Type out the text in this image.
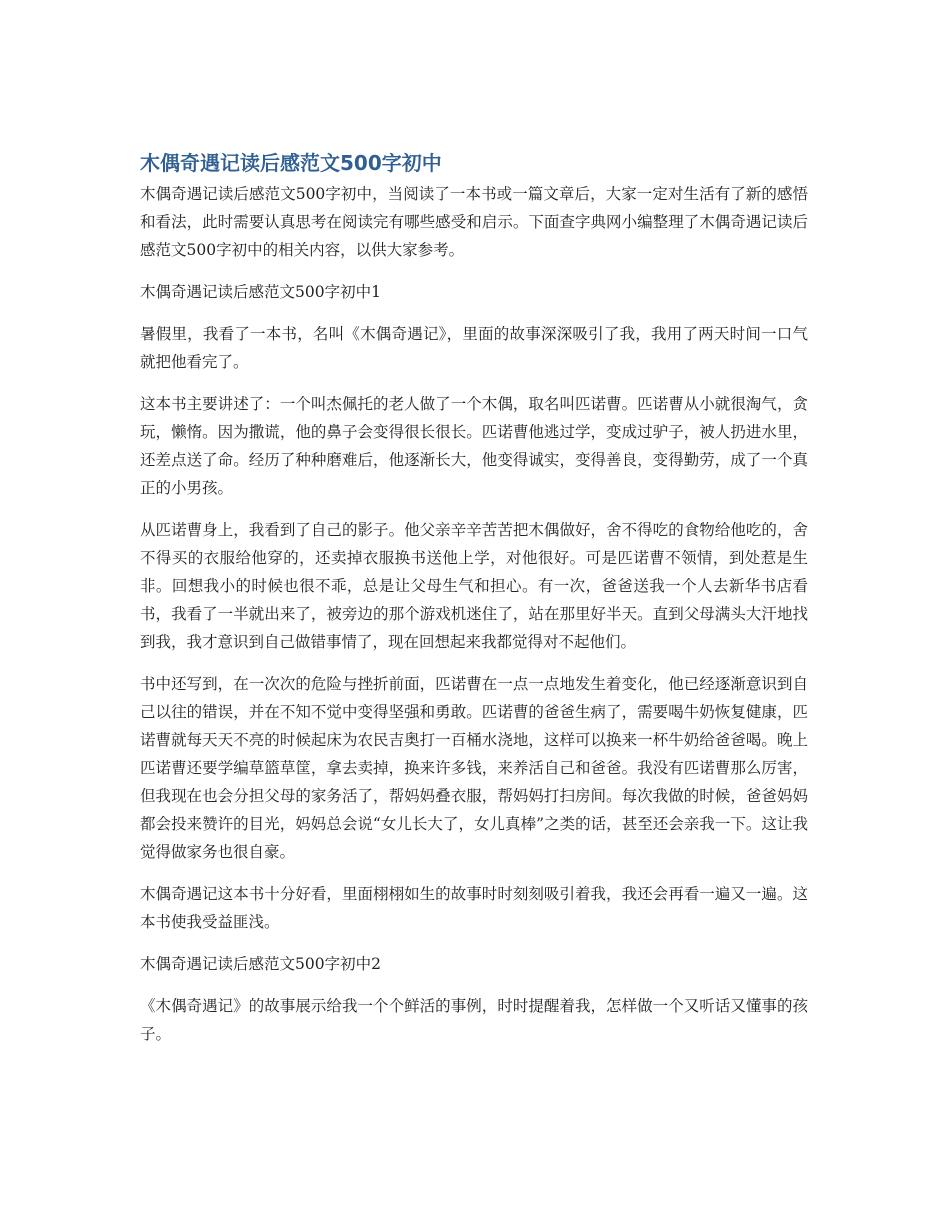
木偶奇遇记读后感范文500字初中

木偶奇遇记读后感范文500字初中，当阅读了一本书或一篇文章后，大家一定对生活有了新的感悟和看法，此时需要认真思考在阅读完有哪些感受和启示。下面查字典网小编整理了木偶奇遇记读后感范文500字初中的相关内容，以供大家参考。

木偶奇遇记读后感范文500字初中1

暑假里，我看了一本书，名叫《木偶奇遇记》，里面的故事深深吸引了我，我用了两天时间一口气就把他看完了。

这本书主要讲述了：一个叫杰佩托的老人做了一个木偶，取名叫匹诺曹。匹诺曹从小就很淘气，贪玩，懒惰。因为撒谎，他的鼻子会变得很长很长。匹诺曹他逃过学，变成过驴子，被人扔进水里，还差点送了命。经历了种种磨难后，他逐渐长大，他变得诚实，变得善良，变得勤劳，成了一个真正的小男孩。

从匹诺曹身上，我看到了自己的影子。他父亲辛辛苦苦把木偶做好，舍不得吃的食物给他吃的，舍不得买的衣服给他穿的，还卖掉衣服换书送他上学，对他很好。可是匹诺曹不领情，到处惹是生非。回想我小的时候也很不乖，总是让父母生气和担心。有一次，爸爸送我一个人去新华书店看书，我看了一半就出来了，被旁边的那个游戏机迷住了，站在那里好半天。直到父母满头大汗地找到我，我才意识到自己做错事情了，现在回想起来我都觉得对不起他们。

书中还写到，在一次次的危险与挫折前面，匹诺曹在一点一点地发生着变化，他已经逐渐意识到自己以往的错误，并在不知不觉中变得坚强和勇敢。匹诺曹的爸爸生病了，需要喝牛奶恢复健康，匹诺曹就每天天不亮的时候起床为农民吉奥打一百桶水浇地，这样可以换来一杯牛奶给爸爸喝。晚上匹诺曹还要学编草篮草筐，拿去卖掉，换来许多钱，来养活自己和爸爸。我没有匹诺曹那么厉害，但我现在也会分担父母的家务活了，帮妈妈叠衣服，帮妈妈打扫房间。每次我做的时候，爸爸妈妈都会投来赞许的目光，妈妈总会说“女儿长大了，女儿真棒”之类的话，甚至还会亲我一下。这让我觉得做家务也很自豪。

木偶奇遇记这本书十分好看，里面栩栩如生的故事时时刻刻吸引着我，我还会再看一遍又一遍。这本书使我受益匪浅。

木偶奇遇记读后感范文500字初中2

《木偶奇遇记》的故事展示给我一个个鲜活的事例，时时提醒着我，怎样做一个又听话又懂事的孩子。
